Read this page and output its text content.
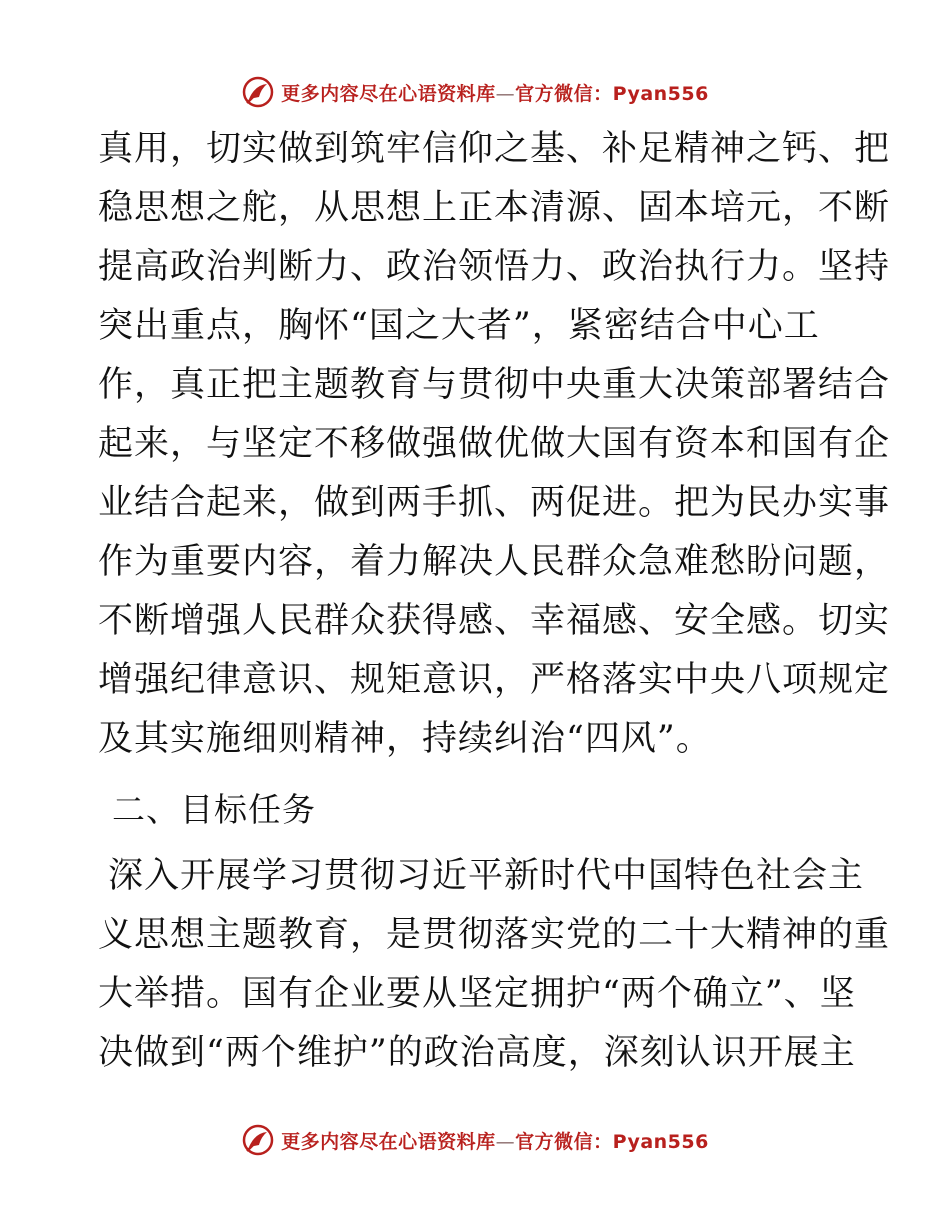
更多内容尽在心语资料库—官方微信：Pyan556
真用，切实做到筑牢信仰之基、补足精神之钙、把
稳思想之舵，从思想上正本清源、固本培元，不断
提高政治判断力、政治领悟力、政治执行力。坚持
突出重点，胸怀“国之大者”，紧密结合中心工
作，真正把主题教育与贯彻中央重大决策部署结合
起来，与坚定不移做强做优做大国有资本和国有企
业结合起来，做到两手抓、两促进。把为民办实事
作为重要内容，着力解决人民群众急难愁盼问题，
不断增强人民群众获得感、幸福感、安全感。切实
增强纪律意识、规矩意识，严格落实中央八项规定
及其实施细则精神，持续纠治“四风”。
二、目标任务
深入开展学习贯彻习近平新时代中国特色社会主
义思想主题教育，是贯彻落实党的二十大精神的重
大举措。国有企业要从坚定拥护“两个确立”、坚
决做到“两个维护”的政治高度，深刻认识开展主
更多内容尽在心语资料库—官方微信：Pyan556
